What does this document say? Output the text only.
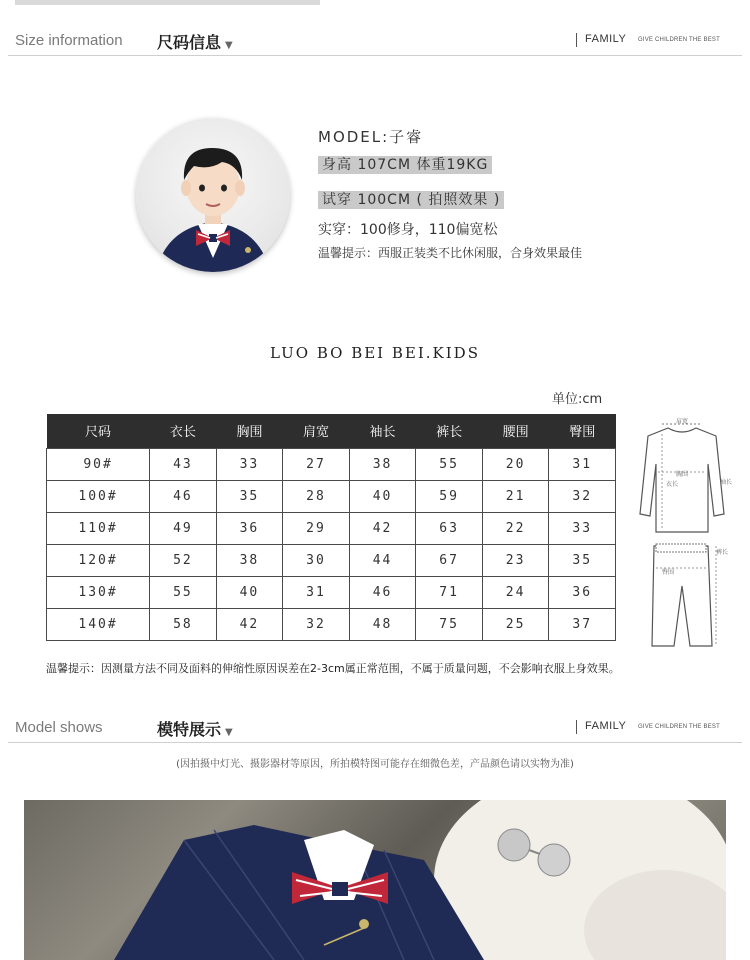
Size information 尺码信息 ▼
FAMILY GIVE CHILDREN THE BEST
MODEL:子睿
身高 107CM 体重19KG
试穿 100CM ( 拍照效果 )
实穿：100修身，110偏宽松
温馨提示：西服正装类不比休闲服，合身效果最佳
LUO BO BEI BEI.KIDS
单位:cm
尺码	衣长	胸围	肩宽	袖长	裤长	腰围	臀围
90#	43	33	27	38	55	20	31
100#	46	35	28	40	59	21	32
110#	49	36	29	42	63	22	33
120#	52	38	30	44	67	23	35
130#	55	40	31	46	71	24	36
140#	58	42	32	48	75	25	37
肩宽
胸围
衣长	袖长
裤长
臀围
温馨提示：因测量方法不同及面料的伸缩性原因误差在2-3cm属正常范围，不属于质量问题，不会影响衣服上身效果。
Model shows	模特展示 ▼
FAMILY GIVE CHILDREN THE BEST
(因拍摄中灯光、摄影器材等原因，所拍模特图可能存在细微色差，产品颜色请以实物为准)
